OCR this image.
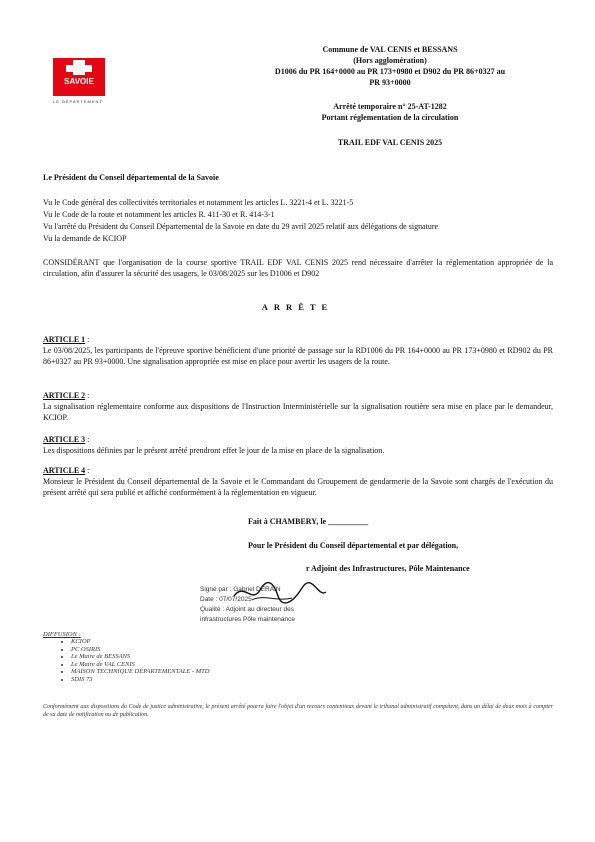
SAVOIE
LE DÉPARTEMENT
Commune de VAL CENIS et BESSANS
(Hors agglomération)
D1006 du PR 164+0000 au PR 173+0980 et D902 du PR 86+0327 au
PR 93+0000
Arrêté temporaire n° 25-AT-1282
Portant réglementation de la circulation
TRAIL EDF VAL CENIS 2025
Le Président du Conseil départemental de la Savoie
Vu le Code général des collectivités territoriales et notamment les articles L. 3221-4 et L. 3221-5
Vu le Code de la route et notamment les articles R. 411-30 et R. 414-3-1
Vu l'arrêté du Président du Conseil Départemental de la Savoie en date du 29 avril 2025 relatif aux délégations de signature
Vu la demande de KCIOP
CONSIDÉRANT que l'organisation de la course sportive TRAIL EDF VAL CENIS 2025 rend nécessaire d'arrêter la réglementation appropriée de la circulation, afin d'assurer la sécurité des usagers, le 03/08/2025 sur les D1006 et D902
ARRÊTE
ARTICLE 1 :
Le 03/08/2025, les participants de l'épreuve sportive bénéficient d'une priorité de passage sur la RD1006 du PR 164+0000 au PR 173+0980 et RD902 du PR 86+0327 au PR 93+0000. Une signalisation appropriée est mise en place pour avertir les usagers de la route.
ARTICLE 2 :
La signalisation réglementaire conforme aux dispositions de l'Instruction Interministérielle sur la signalisation routière sera mise en place par le demandeur, KCIOP.
ARTICLE 3 :
Les dispositions définies par le présent arrêté prendront effet le jour de la mise en place de la signalisation.
ARTICLE 4 :
Monsieur le Président du Conseil départemental de la Savoie et le Commandant du Groupement de gendarmerie de la Savoie sont chargés de l'exécution du présent arrêté qui sera publié et affiché conformément à la réglementation en vigueur.
Fait à CHAMBERY, le __________
Pour le Président du Conseil départemental et par délégation,
r Adjoint des Infrastructures, Pôle Maintenance
Signé par : Gabriel DERAIN
Date : 07/07/2025
Qualité : Adjoint au directeur des
infrastructures Pôle maintenance
DIFFUSION :
• KCIOP
• PC OSIRIS
• Le Maire de BESSANS
• Le Maire de VAL CENIS
• MAISON TECHNIQUE DÉPARTEMENTALE - MTD
• SDIS 73
Conformément aux dispositions du Code de justice administrative, le présent arrêté pourra faire l'objet d'un recours contentieux devant le tribunal administratif compétent, dans un délai de deux mois à compter de sa date de notification ou de publication.
